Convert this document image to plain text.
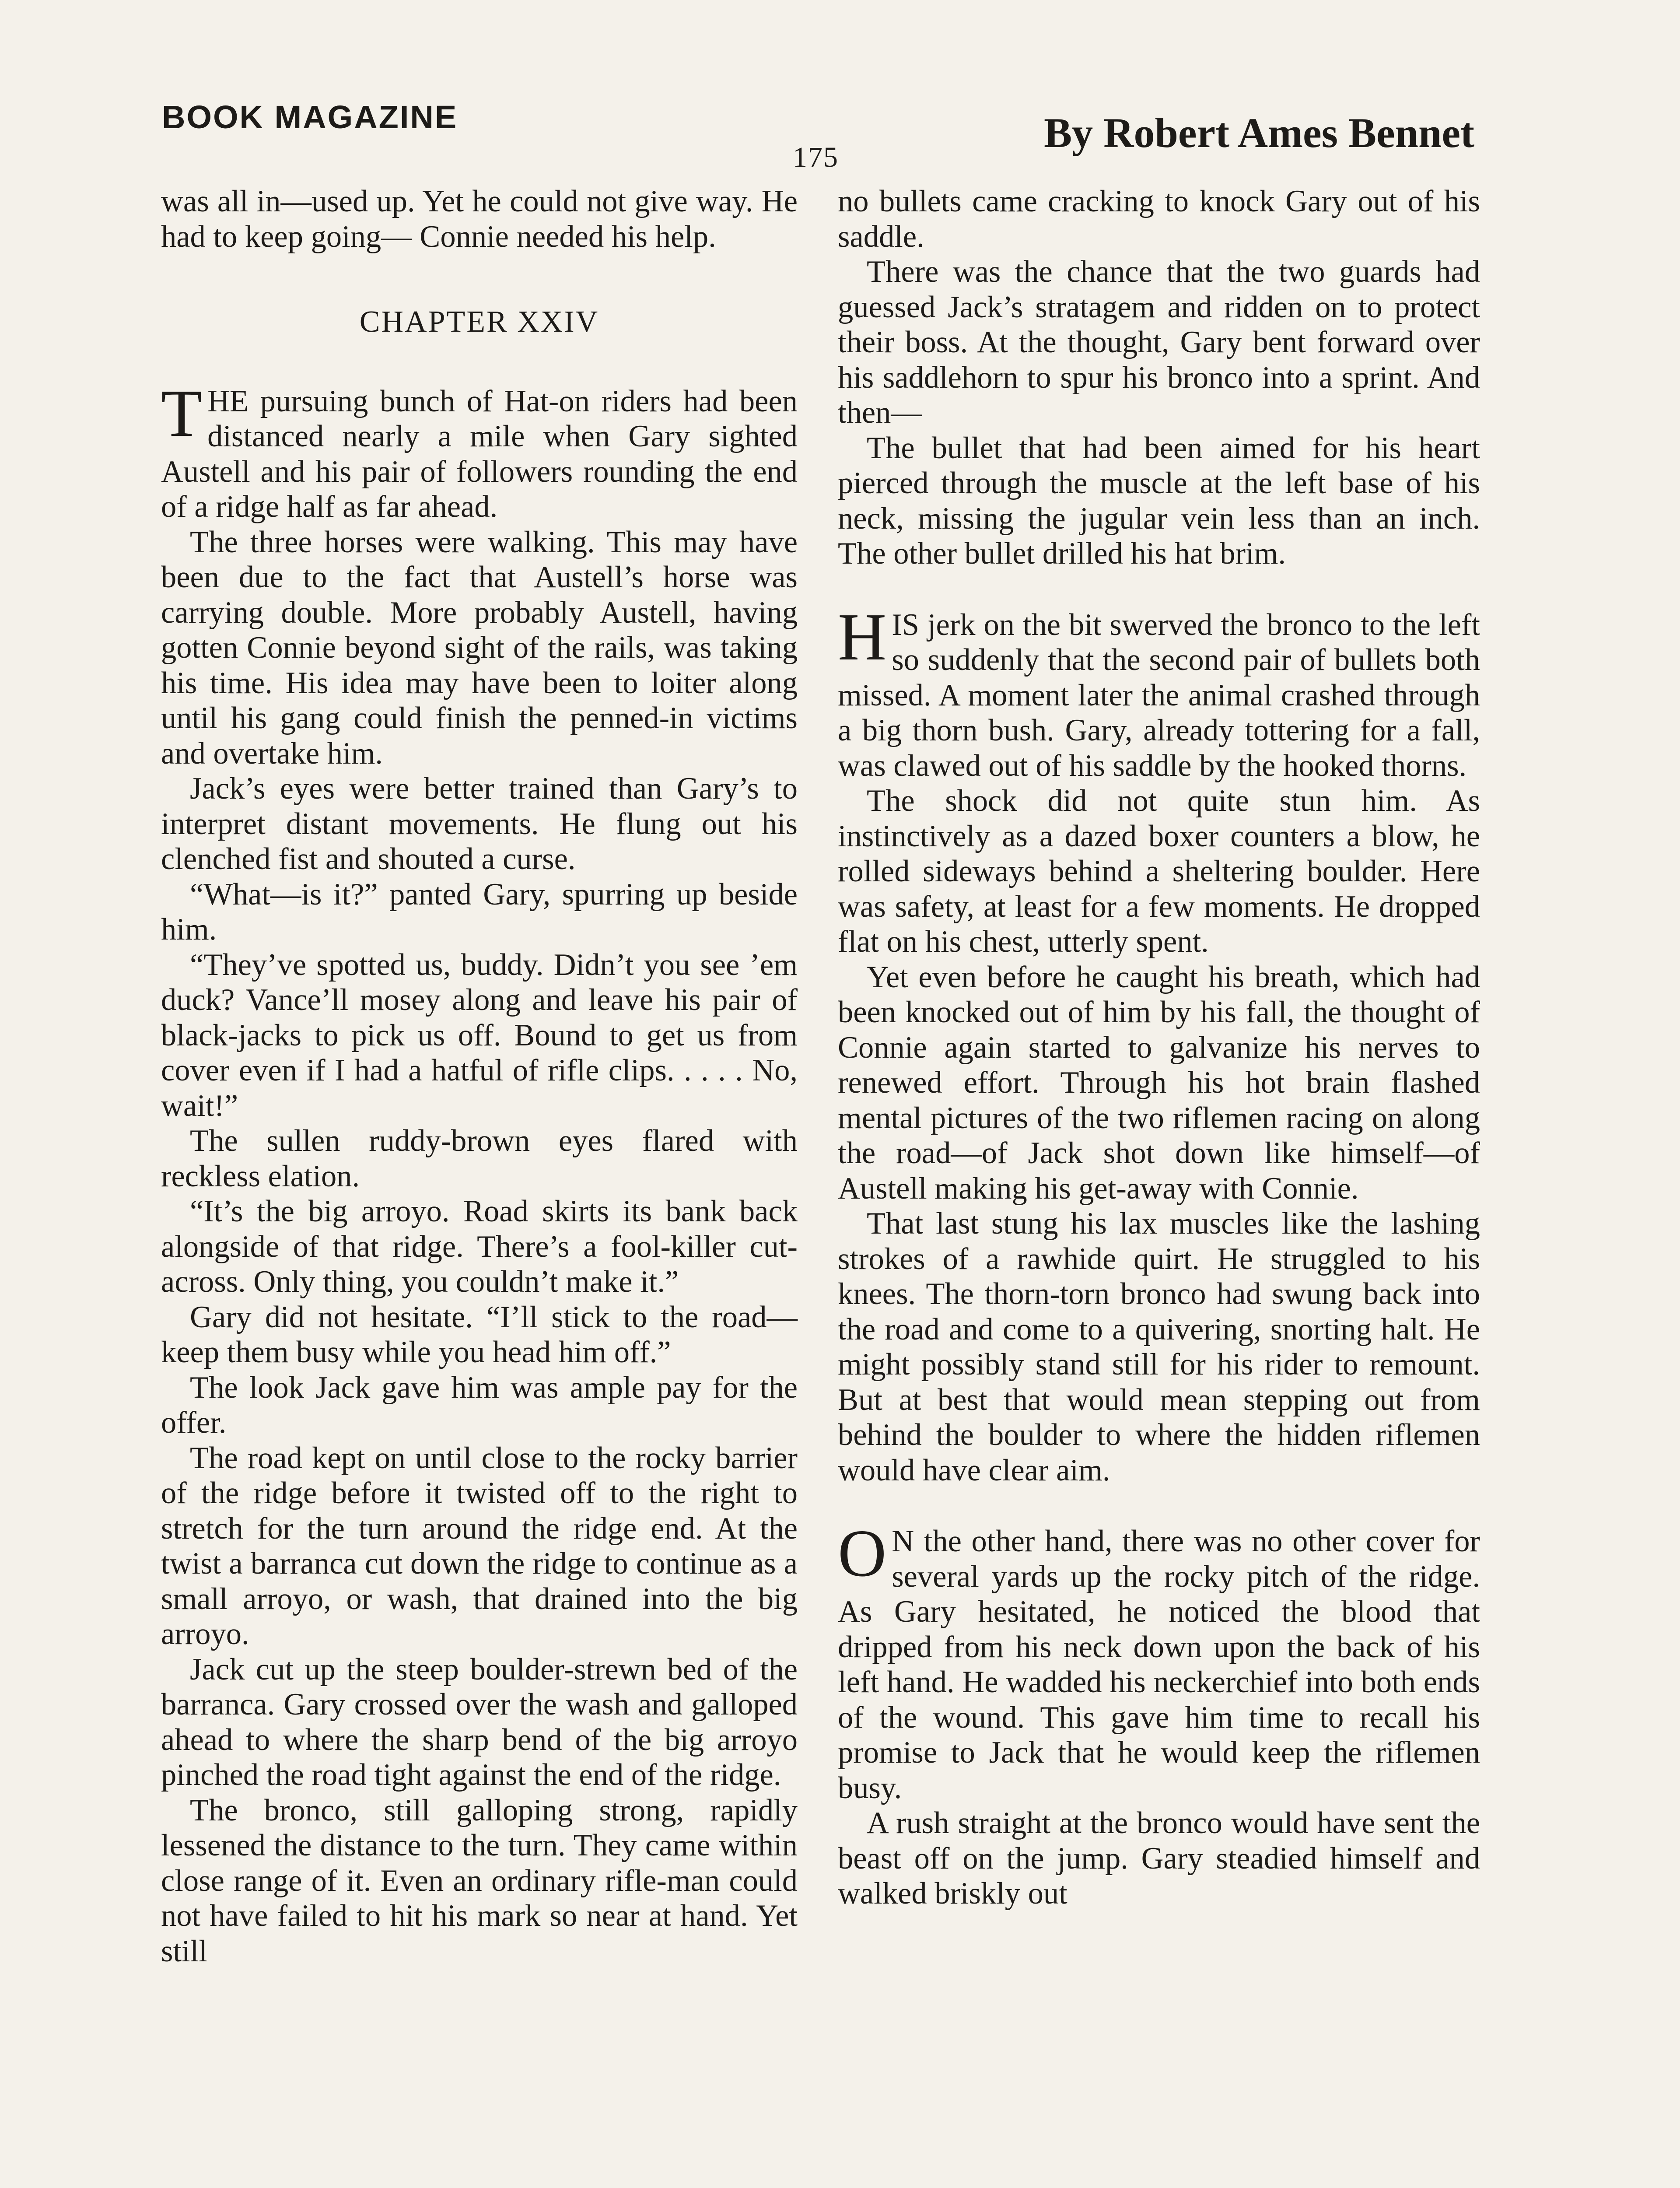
BOOK MAGAZINE	By Robert Ames Bennet
175

was all in—used up. Yet he could not give way. He had to keep going— Connie needed his help.

CHAPTER XXIV

THE pursuing bunch of Hat-on riders had been distanced nearly a mile when Gary sighted Austell and his pair of followers rounding the end of a ridge half as far ahead.

The three horses were walking. This may have been due to the fact that Austell’s horse was carrying double. More probably Austell, having gotten Connie beyond sight of the rails, was taking his time. His idea may have been to loiter along until his gang could finish the penned-in victims and overtake him.

Jack’s eyes were better trained than Gary’s to interpret distant movements. He flung out his clenched fist and shouted a curse.

“What—is it?” panted Gary, spurring up beside him.

“They’ve spotted us, buddy. Didn’t you see ’em duck? Vance’ll mosey along and leave his pair of black-jacks to pick us off. Bound to get us from cover even if I had a hatful of rifle clips. . . . . No, wait!”

The sullen ruddy-brown eyes flared with reckless elation.

“It’s the big arroyo. Road skirts its bank back alongside of that ridge. There’s a fool-killer cut-across. Only thing, you couldn’t make it.”

Gary did not hesitate. “I’ll stick to the road—keep them busy while you head him off.”

The look Jack gave him was ample pay for the offer.

The road kept on until close to the rocky barrier of the ridge before it twisted off to the right to stretch for the turn around the ridge end. At the twist a barranca cut down the ridge to continue as a small arroyo, or wash, that drained into the big arroyo.

Jack cut up the steep boulder-strewn bed of the barranca. Gary crossed over the wash and galloped ahead to where the sharp bend of the big arroyo pinched the road tight against the end of the ridge.

The bronco, still galloping strong, rapidly lessened the distance to the turn. They came within close range of it. Even an ordinary rifle-man could not have failed to hit his mark so near at hand. Yet still

no bullets came cracking to knock Gary out of his saddle.

There was the chance that the two guards had guessed Jack’s stratagem and ridden on to protect their boss. At the thought, Gary bent forward over his saddlehorn to spur his bronco into a sprint. And then—

The bullet that had been aimed for his heart pierced through the muscle at the left base of his neck, missing the jugular vein less than an inch. The other bullet drilled his hat brim.

HIS jerk on the bit swerved the bronco to the left so suddenly that the second pair of bullets both missed. A moment later the animal crashed through a big thorn bush. Gary, already tottering for a fall, was clawed out of his saddle by the hooked thorns.

The shock did not quite stun him. As instinctively as a dazed boxer counters a blow, he rolled sideways behind a sheltering boulder. Here was safety, at least for a few moments. He dropped flat on his chest, utterly spent.

Yet even before he caught his breath, which had been knocked out of him by his fall, the thought of Connie again started to galvanize his nerves to renewed effort. Through his hot brain flashed mental pictures of the two riflemen racing on along the road—of Jack shot down like himself—of Austell making his get-away with Connie.

That last stung his lax muscles like the lashing strokes of a rawhide quirt. He struggled to his knees. The thorn-torn bronco had swung back into the road and come to a quivering, snorting halt. He might possibly stand still for his rider to remount. But at best that would mean stepping out from behind the boulder to where the hidden riflemen would have clear aim.

O N the other hand, there was no other cover for several yards up the rocky pitch of the ridge. As Gary hesitated, he noticed the blood that dripped from his neck down upon the back of his left hand. He wadded his neckerchief into both ends of the wound. This gave him time to recall his promise to Jack that he would keep the riflemen busy.

A rush straight at the bronco would have sent the beast off on the jump. Gary steadied himself and walked briskly out
